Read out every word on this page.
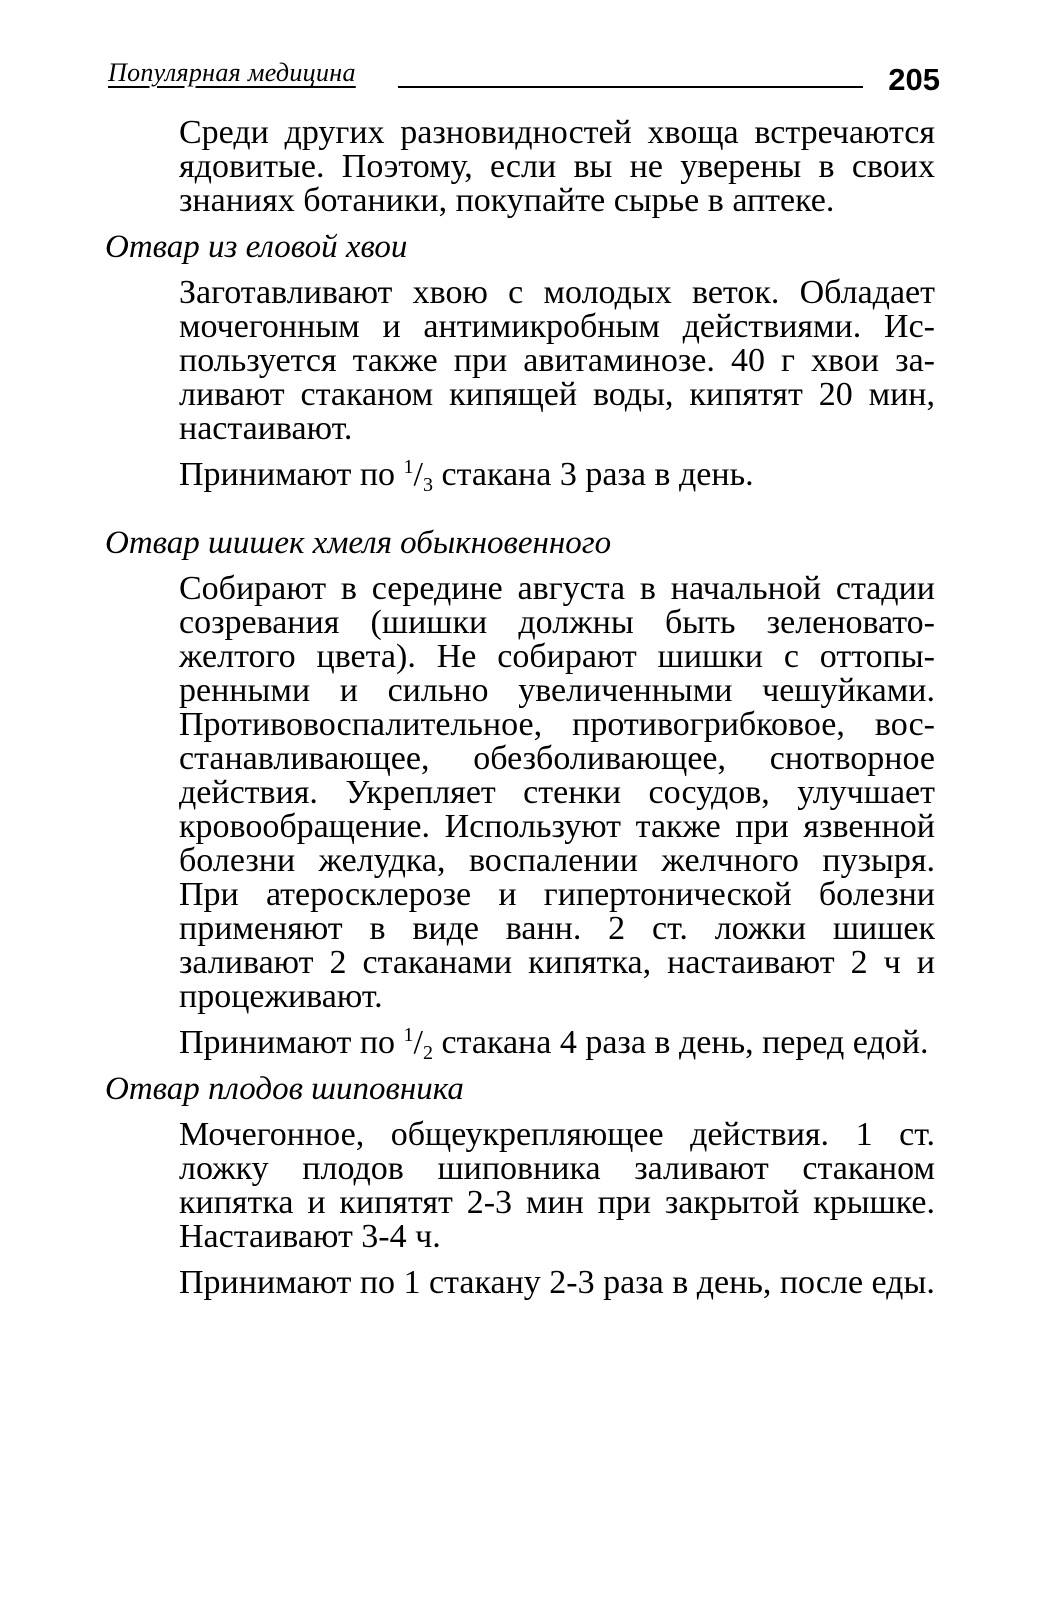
Популярная медицина	205

Среди других разновидностей хвоща встречаются ядовитые. Поэтому, если вы не уверены в своих знаниях ботаники, покупайте сырье в аптеке.

Отвар из еловой хвои

Заготавливают хвою с молодых веток. Обладает мочегонным и антимикробным действиями. Используется также при авитаминозе. 40 г хвои заливают стаканом кипящей воды, кипятят 20 мин, настаивают.

Принимают по $^1/_3$ стакана 3 раза в день.

Отвар шишек хмеля обыкновенного

Собирают в середине августа в начальной стадии созревания (шишки должны быть зеленовато-желтого цвета). Не собирают шишки с оттопыренными и сильно увеличенными чешуйками. Противовоспалительное, противогрибковое, восстанавливающее, обезболивающее, снотворное действия. Укрепляет стенки сосудов, улучшает кровообращение. Используют также при язвенной болезни желудка, воспалении желчного пузыря. При атеросклерозе и гипертонической болезни применяют в виде ванн. 2 ст. ложки шишек заливают 2 стаканами кипятка, настаивают 2 ч и процеживают.

Принимают по $^1/_2$ стакана 4 раза в день, перед едой.

Отвар плодов шиповника

Мочегонное, общеукрепляющее действия. 1 ст. ложку плодов шиповника заливают стаканом кипятка и кипятят 2-3 мин при закрытой крышке. Настаивают 3-4 ч.

Принимают по 1 стакану 2-3 раза в день, после еды.
